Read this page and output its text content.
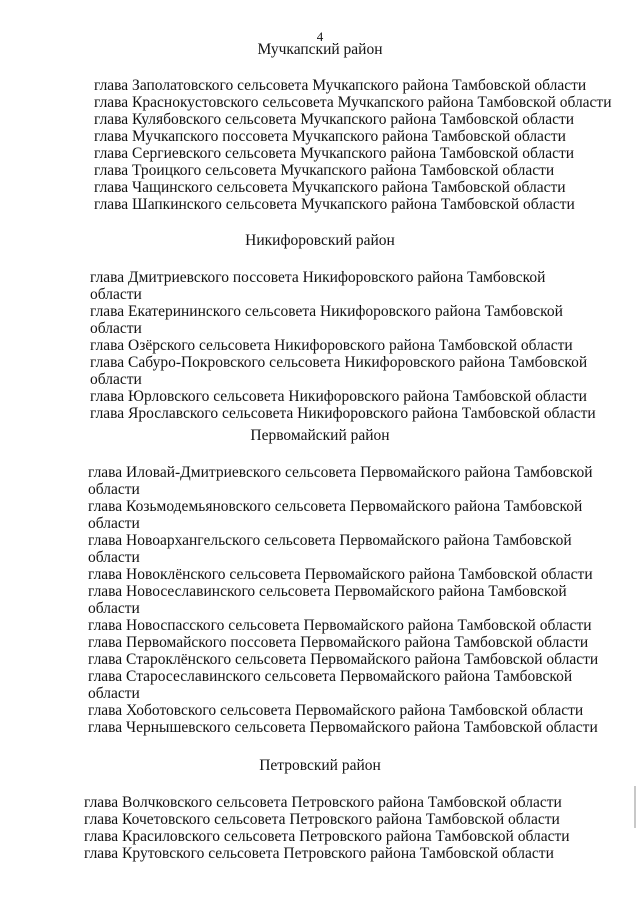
4
Мучкапский район
глава Заполатовского сельсовета Мучкапского района Тамбовской области
глава Краснокустовского сельсовета Мучкапского района Тамбовской области
глава Кулябовского сельсовета Мучкапского района Тамбовской области
глава Мучкапского поссовета Мучкапского района Тамбовской области
глава Сергиевского сельсовета Мучкапского района Тамбовской области
глава Троицкого сельсовета Мучкапского района Тамбовской области
глава Чащинского сельсовета Мучкапского района Тамбовской области
глава Шапкинского сельсовета Мучкапского района Тамбовской области
Никифоровский район
глава Дмитриевского поссовета Никифоровского района Тамбовской области
глава Екатерининского сельсовета Никифоровского района Тамбовской области
глава Озёрского сельсовета Никифоровского района Тамбовской области
глава Сабуро-Покровского сельсовета Никифоровского района Тамбовской области
глава Юрловского сельсовета Никифоровского района Тамбовской области
глава Ярославского сельсовета Никифоровского района Тамбовской области
Первомайский район
глава Иловай-Дмитриевского сельсовета Первомайского района Тамбовской области
глава Козьмодемьяновского сельсовета Первомайского района Тамбовской области
глава Новоархангельского сельсовета Первомайского района Тамбовской области
глава Новоклёнского сельсовета Первомайского района Тамбовской области
глава Новосеславинского сельсовета Первомайского района Тамбовской области
глава Новоспасского сельсовета Первомайского района Тамбовской области
глава Первомайского поссовета Первомайского района Тамбовской области
глава Староклёнского сельсовета Первомайского района Тамбовской области
глава Старосеславинского сельсовета Первомайского района Тамбовской области
глава Хоботовского сельсовета Первомайского района Тамбовской области
глава Чернышевского сельсовета Первомайского района Тамбовской области
Петровский район
глава Волчковского сельсовета Петровского района Тамбовской области
глава Кочетовского сельсовета Петровского района Тамбовской области
глава Красиловского сельсовета Петровского района Тамбовской области
глава Крутовского сельсовета Петровского района Тамбовской области
